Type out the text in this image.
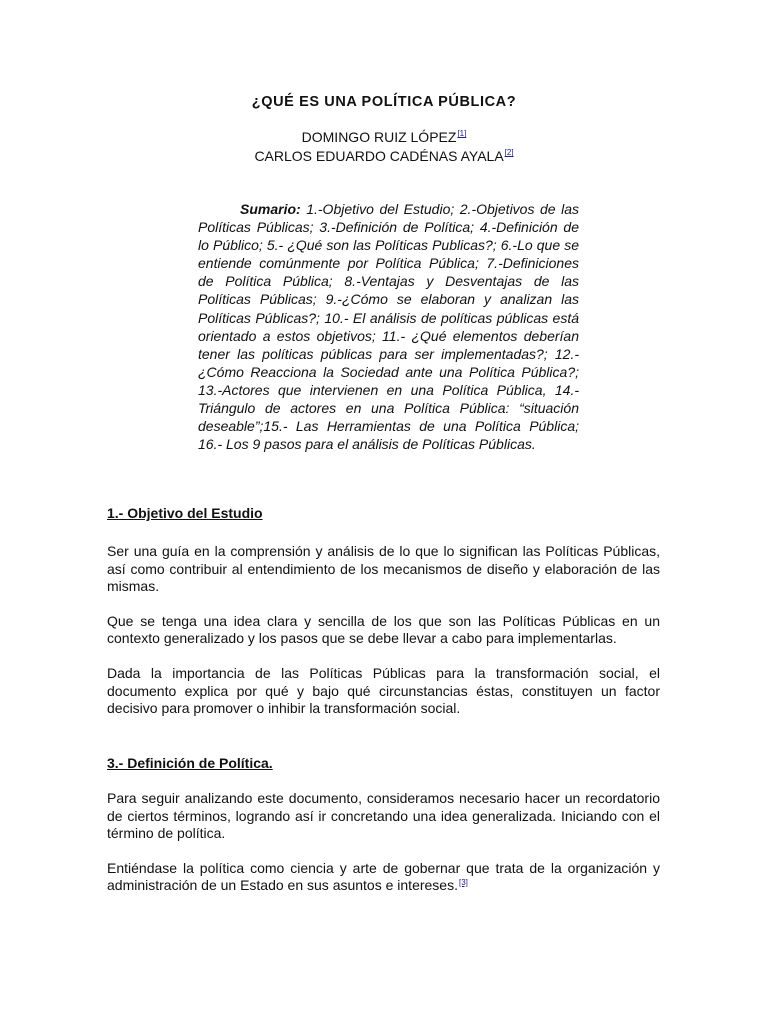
¿QUÉ ES UNA POLÍTICA PÚBLICA?
DOMINGO RUIZ LÓPEZ[1]
CARLOS EDUARDO CADÉNAS AYALA[2]
Sumario: 1.-Objetivo del Estudio; 2.-Objetivos de las Políticas Públicas; 3.-Definición de Política; 4.-Definición de lo Público; 5.- ¿Qué son las Políticas Publicas?; 6.-Lo que se entiende comúnmente por Política Pública; 7.-Definiciones de Política Pública; 8.-Ventajas y Desventajas de las Políticas Públicas; 9.-¿Cómo se elaboran y analizan las Políticas Públicas?; 10.- El análisis de políticas públicas está orientado a estos objetivos; 11.- ¿Qué elementos deberían tener las políticas públicas para ser implementadas?; 12.- ¿Cómo Reacciona la Sociedad ante una Política Pública?; 13.-Actores que intervienen en una Política Pública, 14.-Triángulo de actores en una Política Pública: “situación deseable”;15.- Las Herramientas de una Política Pública; 16.- Los 9 pasos para el análisis de Políticas Públicas.
1.- Objetivo del Estudio

Ser una guía en la comprensión y análisis de lo que lo significan las Políticas Públicas, así como contribuir al entendimiento de los mecanismos de diseño y elaboración de las mismas.

Que se tenga una idea clara y sencilla de los que son las Políticas Públicas en un contexto generalizado y los pasos que se debe llevar a cabo para implementarlas.

Dada la importancia de las Políticas Públicas para la transformación social, el documento explica por qué y bajo qué circunstancias éstas, constituyen un factor decisivo para promover o inhibir la transformación social.

3.- Definición de Política.

Para seguir analizando este documento, consideramos necesario hacer un recordatorio de ciertos términos, logrando así ir concretando una idea generalizada. Iniciando con el término de política.

Entiéndase la política como ciencia y arte de gobernar que trata de la organización y administración de un Estado en sus asuntos e intereses.[3]
